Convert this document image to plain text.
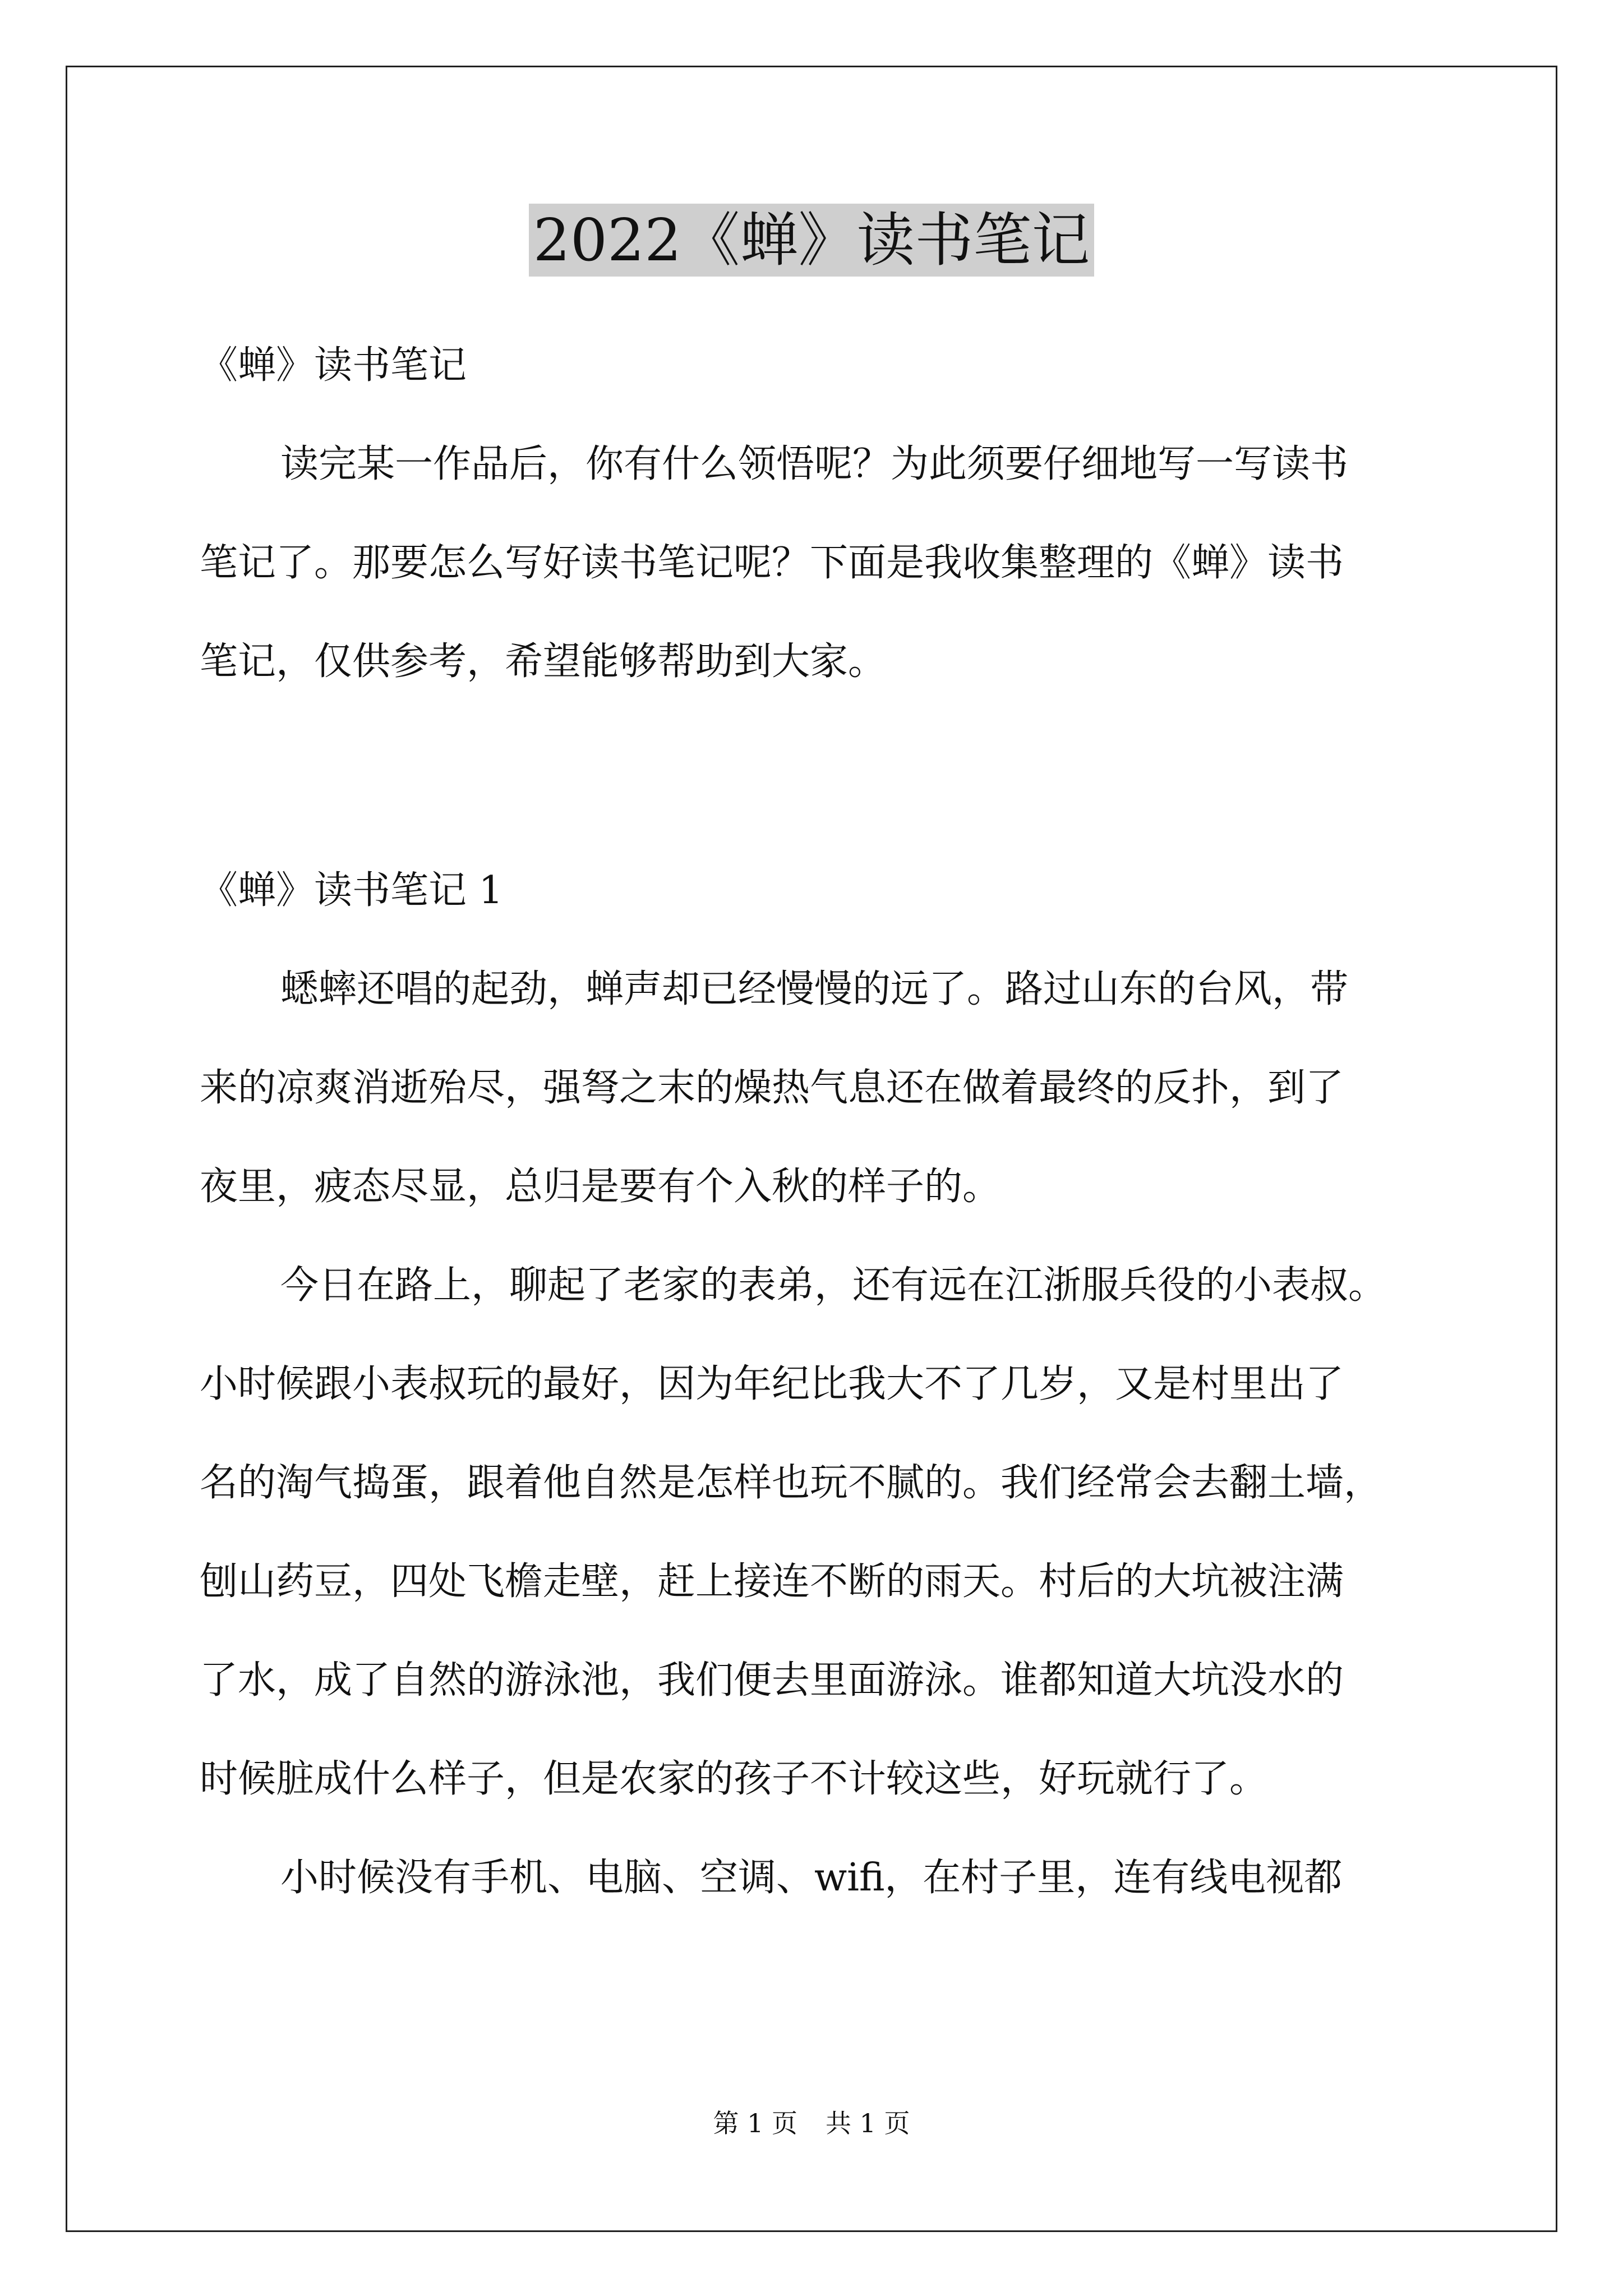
2022《蝉》读书笔记

《蝉》读书笔记

读完某一作品后，你有什么领悟呢？为此须要仔细地写一写读书

笔记了。那要怎么写好读书笔记呢？下面是我收集整理的《蝉》读书

笔记，仅供参考，希望能够帮助到大家。

《蝉》读书笔记 1

蟋蟀还唱的起劲，蝉声却已经慢慢的远了。路过山东的台风，带

来的凉爽消逝殆尽，强弩之末的燥热气息还在做着最终的反扑，到了

夜里，疲态尽显，总归是要有个入秋的样子的。

今日在路上，聊起了老家的表弟，还有远在江浙服兵役的小表叔。

小时候跟小表叔玩的最好，因为年纪比我大不了几岁，又是村里出了

名的淘气捣蛋，跟着他自然是怎样也玩不腻的。我们经常会去翻土墙，

刨山药豆，四处飞檐走壁，赶上接连不断的雨天。村后的大坑被注满

了水，成了自然的游泳池，我们便去里面游泳。谁都知道大坑没水的

时候脏成什么样子，但是农家的孩子不计较这些，好玩就行了。

小时候没有手机、电脑、空调、wifi，在村子里，连有线电视都

第 1 页 共 1 页
